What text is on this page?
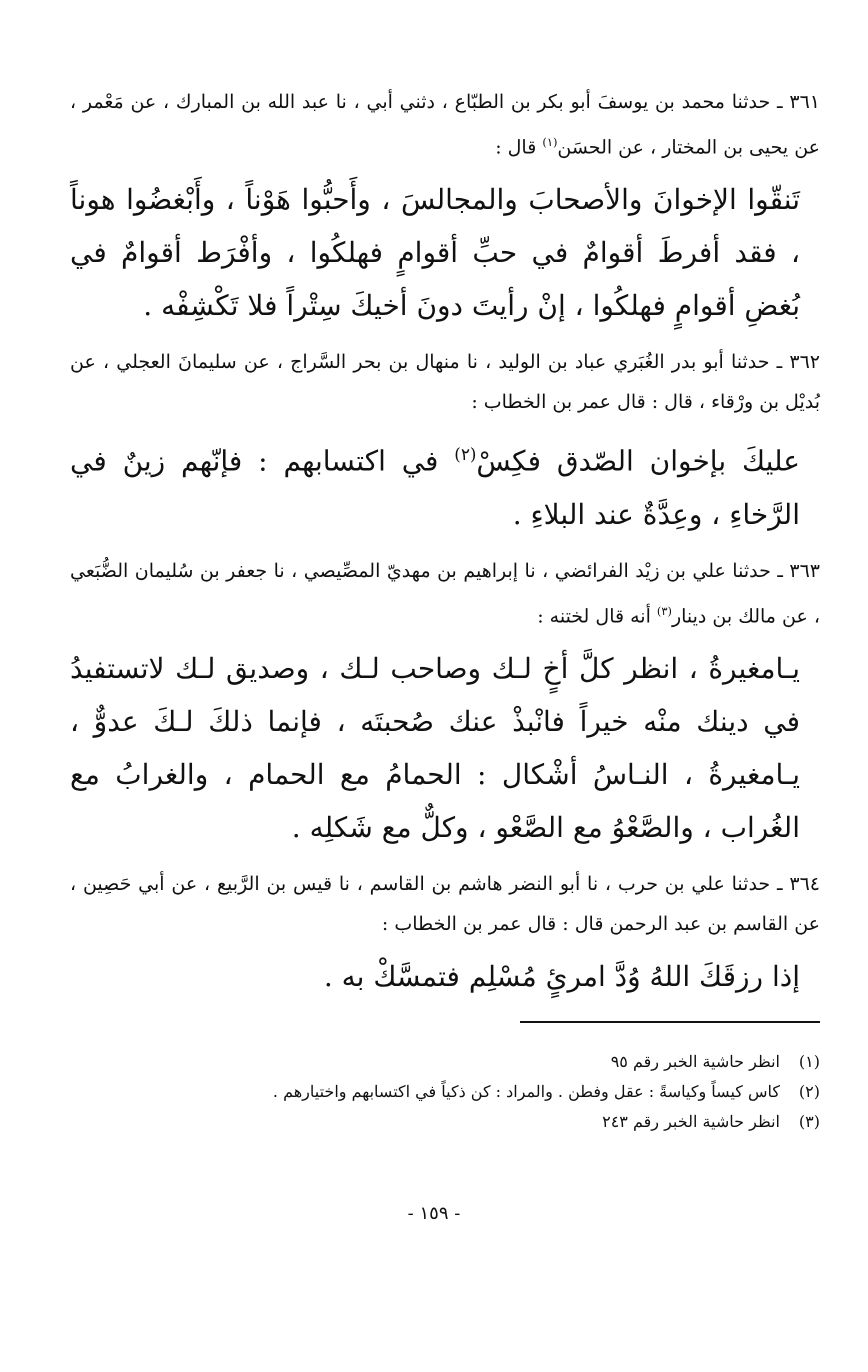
٣٦١ ـ حدثنا محمد بن يوسفَ أبو بكر بن الطبّاع ، دثني أبي ، نا عبد الله بن المبارك ، عن مَعْمر ، عن يحيى بن المختار ، عن الحسَن$^{(١)}$ قال :

تَنقّوا الإخوانَ والأصحابَ والمجالسَ ، وأَحبُّوا هَوْناً ، وأَبْغضُوا هوناً ، فقد أفرطَ أقوامٌ في حبِّ أقوامٍ فهلكُوا ، وأفْرَط أقوامٌ في بُغضِ أقوامٍ فهلكُوا ، إنْ رأيتَ دونَ أخيكَ سِتْراً فلا تَكْشِفْه .

٣٦٢ ـ حدثنا أبو بدر الغُبَري عباد بن الوليد ، نا منهال بن بحر السَّراج ، عن سليمانَ العجلي ، عن بُديْل بن ورْقاء ، قال : قال عمر بن الخطاب :

عليكَ بإخوان الصّدق فكِسْ$^{(٢)}$ في اكتسابهم : فإنّهم زينٌ في الرَّخاءِ ، وعِدَّةٌ عند البلاءِ .

٣٦٣ ـ حدثنا علي بن زيْد الفرائضي ، نا إبراهيم بن مهديّ المصِّيصي ، نا جعفر بن سُليمان الضُّبَعي ، عن مالك بن دينار$^{(٣)}$ أنه قال لختنه :

يـامغيرةُ ، انظر كلَّ أخٍ لـك وصاحب لـك ، وصديق لـك لاتستفيدُ في دينك منْه خيراً فانْبذْ عنك صُحبتَه ، فإنما ذلكَ لـكَ عدوٌّ ، يـامغيرةُ ، النـاسُ أشْكال : الحمامُ مع الحمام ، والغرابُ مع الغُراب ، والصَّعْوُ مع الصَّعْو ، وكلٌّ مع شَكلِه .

٣٦٤ ـ حدثنا علي بن حرب ، نا أبو النضر هاشم بن القاسم ، نا قيس بن الرَّبيع ، عن أبي حَصِين ، عن القاسم بن عبد الرحمن قال : قال عمر بن الخطاب :

إذا رزقَكَ اللهُ وُدَّ امرئٍ مُسْلِم فتمسَّكْ به .

(١)
انظر حاشية الخبر رقم ٩٥
(٢)
كاس كيساً وكياسةً : عقل وفطن . والمراد : كن ذكياً في اكتسابهم واختيارهم .
(٣)
انظر حاشية الخبر رقم ٢٤٣
- ١٥٩ -
